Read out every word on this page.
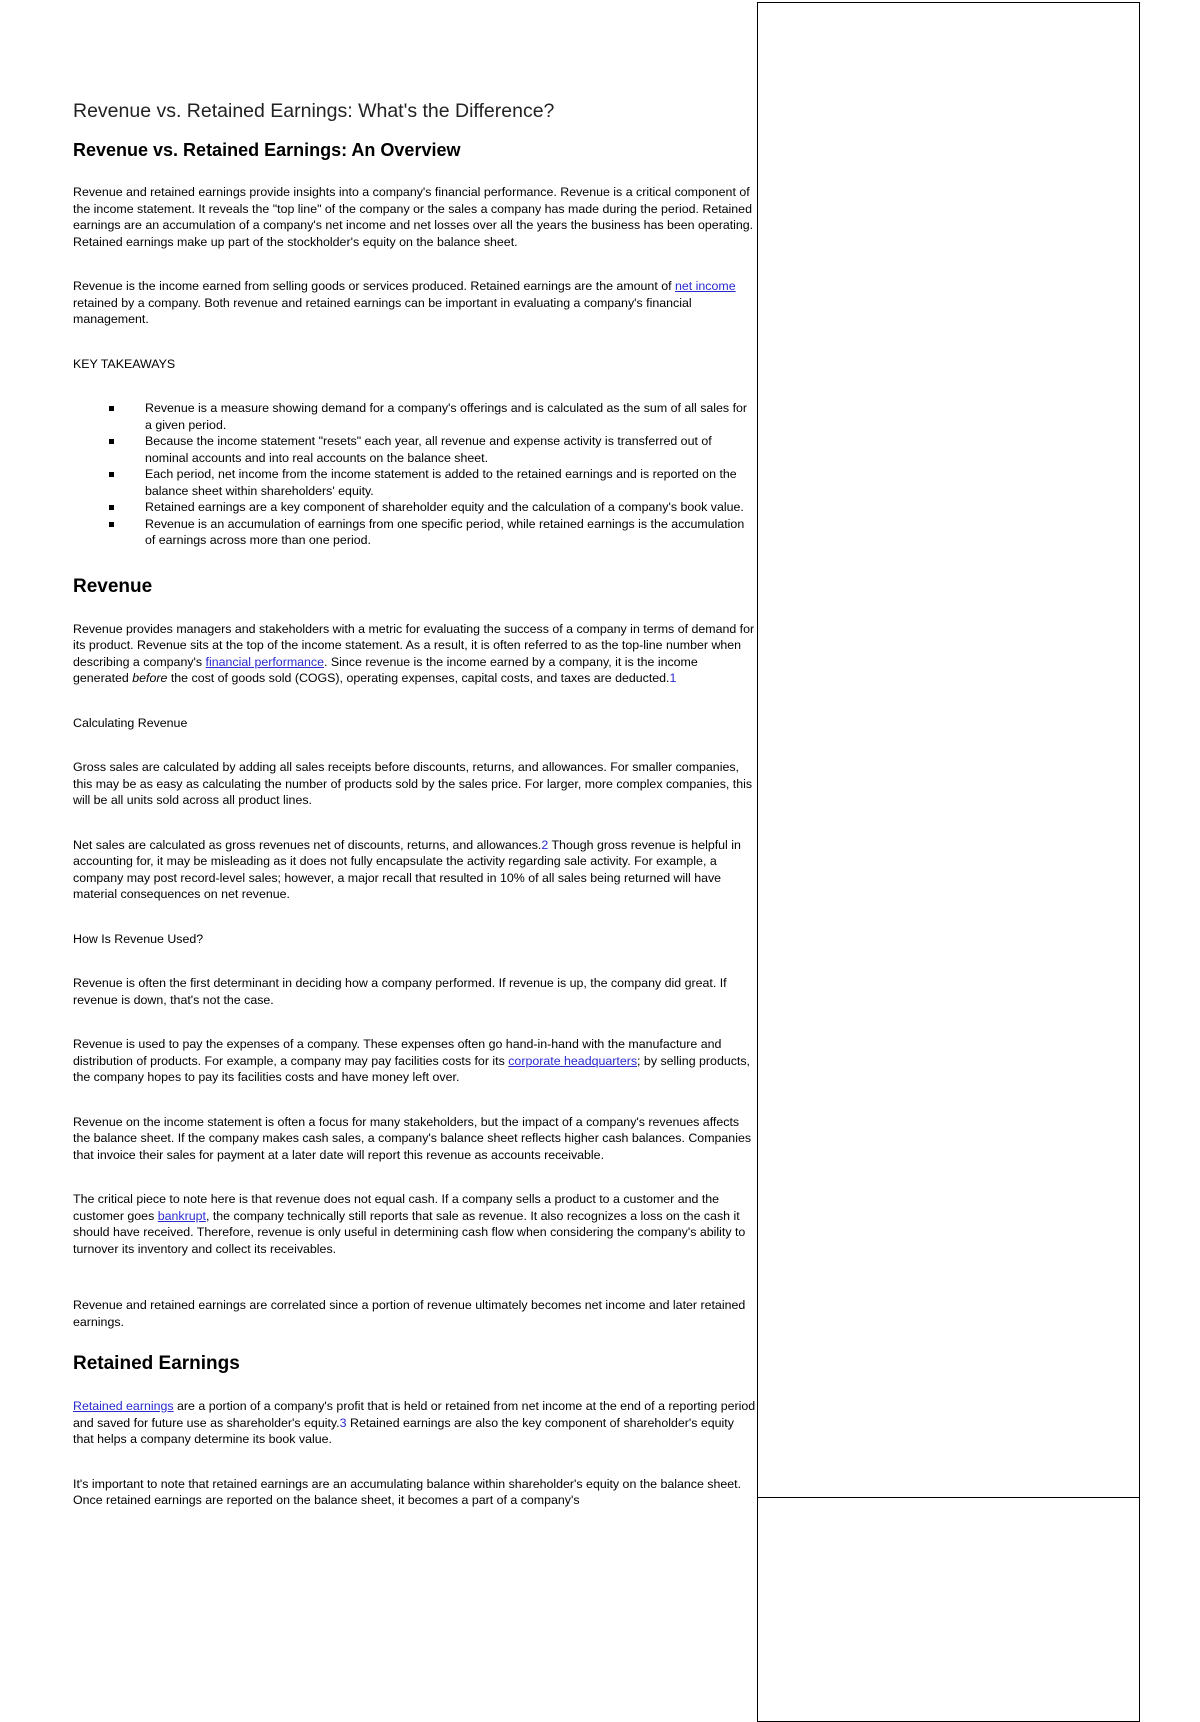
Revenue vs. Retained Earnings: What's the Difference?
Revenue vs. Retained Earnings: An Overview

Revenue and retained earnings provide insights into a company's financial performance. Revenue is a critical component of the income statement. It reveals the "top line" of the company or the sales a company has made during the period. Retained earnings are an accumulation of a company's net income and net losses over all the years the business has been operating. Retained earnings make up part of the stockholder's equity on the balance sheet.

Revenue is the income earned from selling goods or services produced. Retained earnings are the amount of net income retained by a company. Both revenue and retained earnings can be important in evaluating a company's financial management.

KEY TAKEAWAYS
Revenue is a measure showing demand for a company's offerings and is calculated as the sum of all sales for a given period.
Because the income statement "resets" each year, all revenue and expense activity is transferred out of nominal accounts and into real accounts on the balance sheet.
Each period, net income from the income statement is added to the retained earnings and is reported on the balance sheet within shareholders' equity.
Retained earnings are a key component of shareholder equity and the calculation of a company's book value.
Revenue is an accumulation of earnings from one specific period, while retained earnings is the accumulation of earnings across more than one period.
Revenue

Revenue provides managers and stakeholders with a metric for evaluating the success of a company in terms of demand for its product. Revenue sits at the top of the income statement. As a result, it is often referred to as the top-line number when describing a company's financial performance. Since revenue is the income earned by a company, it is the income generated before the cost of goods sold (COGS), operating expenses, capital costs, and taxes are deducted.1

Calculating Revenue

Gross sales are calculated by adding all sales receipts before discounts, returns, and allowances. For smaller companies, this may be as easy as calculating the number of products sold by the sales price. For larger, more complex companies, this will be all units sold across all product lines.

Net sales are calculated as gross revenues net of discounts, returns, and allowances.2 Though gross revenue is helpful in accounting for, it may be misleading as it does not fully encapsulate the activity regarding sale activity. For example, a company may post record-level sales; however, a major recall that resulted in 10% of all sales being returned will have material consequences on net revenue.

How Is Revenue Used?

Revenue is often the first determinant in deciding how a company performed. If revenue is up, the company did great. If revenue is down, that's not the case.

Revenue is used to pay the expenses of a company. These expenses often go hand-in-hand with the manufacture and distribution of products. For example, a company may pay facilities costs for its corporate headquarters; by selling products, the company hopes to pay its facilities costs and have money left over.

Revenue on the income statement is often a focus for many stakeholders, but the impact of a company's revenues affects the balance sheet. If the company makes cash sales, a company's balance sheet reflects higher cash balances. Companies that invoice their sales for payment at a later date will report this revenue as accounts receivable.

The critical piece to note here is that revenue does not equal cash. If a company sells a product to a customer and the customer goes bankrupt, the company technically still reports that sale as revenue. It also recognizes a loss on the cash it should have received. Therefore, revenue is only useful in determining cash flow when considering the company's ability to turnover its inventory and collect its receivables.

Revenue and retained earnings are correlated since a portion of revenue ultimately becomes net income and later retained earnings.

Retained Earnings

Retained earnings are a portion of a company's profit that is held or retained from net income at the end of a reporting period and saved for future use as shareholder's equity.3 Retained earnings are also the key component of shareholder's equity that helps a company determine its book value.

It's important to note that retained earnings are an accumulating balance within shareholder's equity on the balance sheet. Once retained earnings are reported on the balance sheet, it becomes a part of a company's
